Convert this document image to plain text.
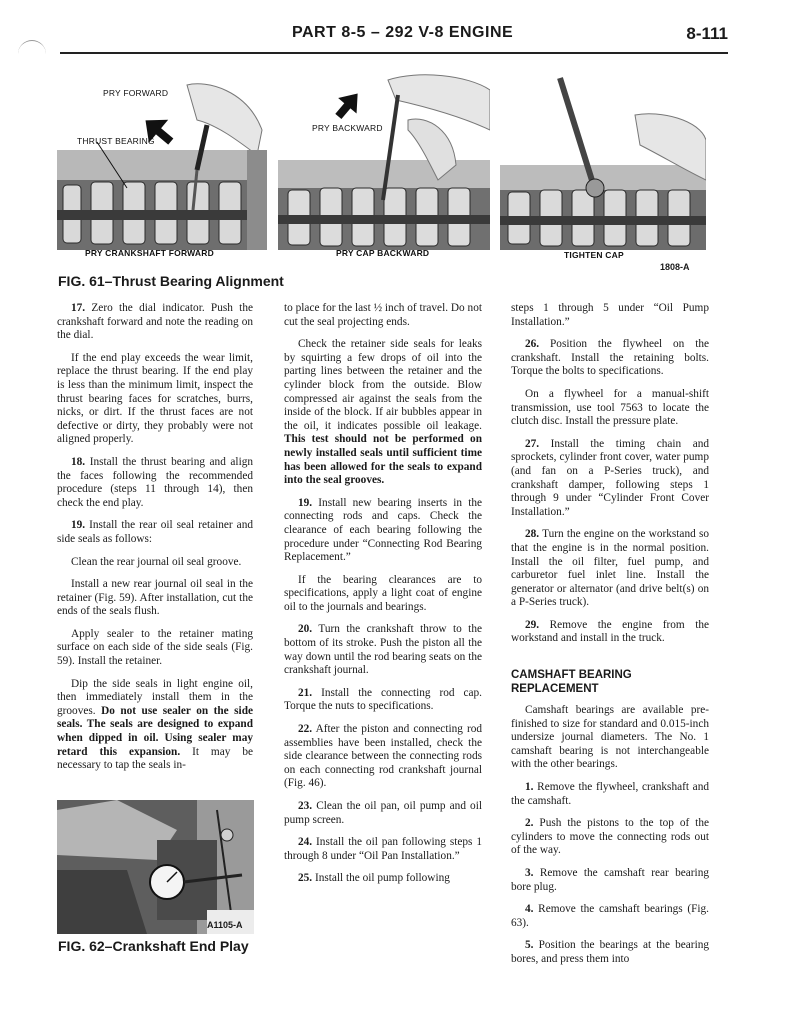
PART 8-5 – 292 V-8 ENGINE	8-111
PRY FORWARD
THRUST BEARING
PRY CRANKSHAFT FORWARD
PRY BACKWARD
PRY CAP BACKWARD	TIGHTEN CAP
FIG. 61–Thrust Bearing Alignment
1808-A

17. Zero the dial indicator. Push the crankshaft forward and note the reading on the dial.

If the end play exceeds the wear limit, replace the thrust bearing. If the end play is less than the minimum limit, inspect the thrust bearing faces for scratches, burrs, nicks, or dirt. If the thrust faces are not defective or dirty, they probably were not aligned properly.

18. Install the thrust bearing and align the faces following the recommended procedure (steps 11 through 14), then check the end play.

19. Install the rear oil seal retainer and side seals as follows:

Clean the rear journal oil seal groove.

Install a new rear journal oil seal in the retainer (Fig. 59). After installation, cut the ends of the seals flush.

Apply sealer to the retainer mating surface on each side of the side seals (Fig. 59). Install the retainer.

Dip the side seals in light engine oil, then immediately install them in the grooves. Do not use sealer on the side seals. The seals are designed to expand when dipped in oil. Using sealer may retard this expansion. It may be necessary to tap the seals in-

A1105-A
FIG. 62–Crankshaft End Play

to place for the last ½ inch of travel. Do not cut the seal projecting ends.

Check the retainer side seals for leaks by squirting a few drops of oil into the parting lines between the retainer and the cylinder block from the outside. Blow compressed air against the seals from the inside of the block. If air bubbles appear in the oil, it indicates possible oil leakage. This test should not be performed on newly installed seals until sufficient time has been allowed for the seals to expand into the seal grooves.

19. Install new bearing inserts in the connecting rods and caps. Check the clearance of each bearing following the procedure under “Connecting Rod Bearing Replacement.”

If the bearing clearances are to specifications, apply a light coat of engine oil to the journals and bearings.

20. Turn the crankshaft throw to the bottom of its stroke. Push the piston all the way down until the rod bearing seats on the crankshaft journal.

21. Install the connecting rod cap. Torque the nuts to specifications.

22. After the piston and connecting rod assemblies have been installed, check the side clearance between the connecting rods on each connecting rod crankshaft journal (Fig. 46).

23. Clean the oil pan, oil pump and oil pump screen.

24. Install the oil pan following steps 1 through 8 under “Oil Pan Installation.”

25. Install the oil pump following

steps 1 through 5 under “Oil Pump Installation.”

26. Position the flywheel on the crankshaft. Install the retaining bolts. Torque the bolts to specifications.

On a flywheel for a manual-shift transmission, use tool 7563 to locate the clutch disc. Install the pressure plate.

27. Install the timing chain and sprockets, cylinder front cover, water pump (and fan on a P-Series truck), and crankshaft damper, following steps 1 through 9 under “Cylinder Front Cover Installation.”

28. Turn the engine on the workstand so that the engine is in the normal position. Install the oil filter, fuel pump, and carburetor fuel inlet line. Install the generator or alternator (and drive belt(s) on a P-Series truck).

29. Remove the engine from the workstand and install in the truck.

CAMSHAFT BEARING REPLACEMENT

Camshaft bearings are available pre-finished to size for standard and 0.015-inch undersize journal diameters. The No. 1 camshaft bearing is not interchangeable with the other bearings.

1. Remove the flywheel, crankshaft and the camshaft.

2. Push the pistons to the top of the cylinders to move the connecting rods out of the way.

3. Remove the camshaft rear bearing bore plug.

4. Remove the camshaft bearings (Fig. 63).

5. Position the bearings at the bearing bores, and press them into
